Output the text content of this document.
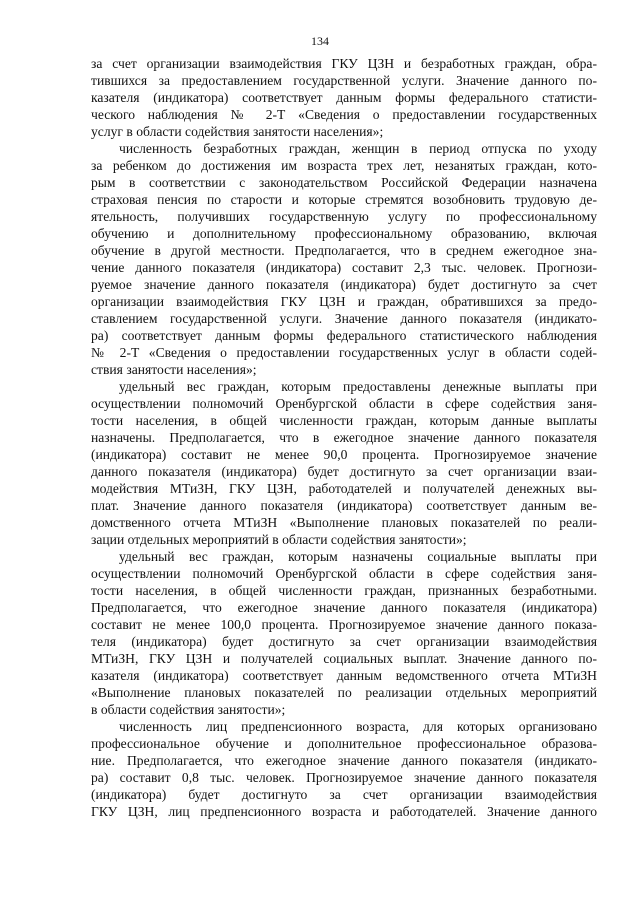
134
за счет организации взаимодействия ГКУ ЦЗН и безработных граждан, обра-
тившихся за предоставлением государственной услуги. Значение данного по-
казателя (индикатора) соответствует данным формы федерального статисти-
ческого наблюдения № 2-Т «Сведения о предоставлении государственных
услуг в области содействия занятости населения»;
численность безработных граждан, женщин в период отпуска по уходу
за ребенком до достижения им возраста трех лет, незанятых граждан, кото-
рым в соответствии с законодательством Российской Федерации назначена
страховая пенсия по старости и которые стремятся возобновить трудовую де-
ятельность, получивших государственную услугу по профессиональному
обучению и дополнительному профессиональному образованию, включая
обучение в другой местности. Предполагается, что в среднем ежегодное зна-
чение данного показателя (индикатора) составит 2,3 тыс. человек. Прогнози-
руемое значение данного показателя (индикатора) будет достигнуто за счет
организации взаимодействия ГКУ ЦЗН и граждан, обратившихся за предо-
ставлением государственной услуги. Значение данного показателя (индикато-
ра) соответствует данным формы федерального статистического наблюдения
№ 2-Т «Сведения о предоставлении государственных услуг в области содей-
ствия занятости населения»;
удельный вес граждан, которым предоставлены денежные выплаты при
осуществлении полномочий Оренбургской области в сфере содействия заня-
тости населения, в общей численности граждан, которым данные выплаты
назначены. Предполагается, что в ежегодное значение данного показателя
(индикатора) составит не менее 90,0 процента. Прогнозируемое значение
данного показателя (индикатора) будет достигнуто за счет организации взаи-
модействия МТиЗН, ГКУ ЦЗН, работодателей и получателей денежных вы-
плат. Значение данного показателя (индикатора) соответствует данным ве-
домственного отчета МТиЗН «Выполнение плановых показателей по реали-
зации отдельных мероприятий в области содействия занятости»;
удельный вес граждан, которым назначены социальные выплаты при
осуществлении полномочий Оренбургской области в сфере содействия заня-
тости населения, в общей численности граждан, признанных безработными.
Предполагается, что ежегодное значение данного показателя (индикатора)
составит не менее 100,0 процента. Прогнозируемое значение данного показа-
теля (индикатора) будет достигнуто за счет организации взаимодействия
МТиЗН, ГКУ ЦЗН и получателей социальных выплат. Значение данного по-
казателя (индикатора) соответствует данным ведомственного отчета МТиЗН
«Выполнение плановых показателей по реализации отдельных мероприятий
в области содействия занятости»;
численность лиц предпенсионного возраста, для которых организовано
профессиональное обучение и дополнительное профессиональное образова-
ние. Предполагается, что ежегодное значение данного показателя (индикато-
ра) составит 0,8 тыс. человек. Прогнозируемое значение данного показателя
(индикатора) будет достигнуто за счет организации взаимодействия
ГКУ ЦЗН, лиц предпенсионного возраста и работодателей. Значение данного
